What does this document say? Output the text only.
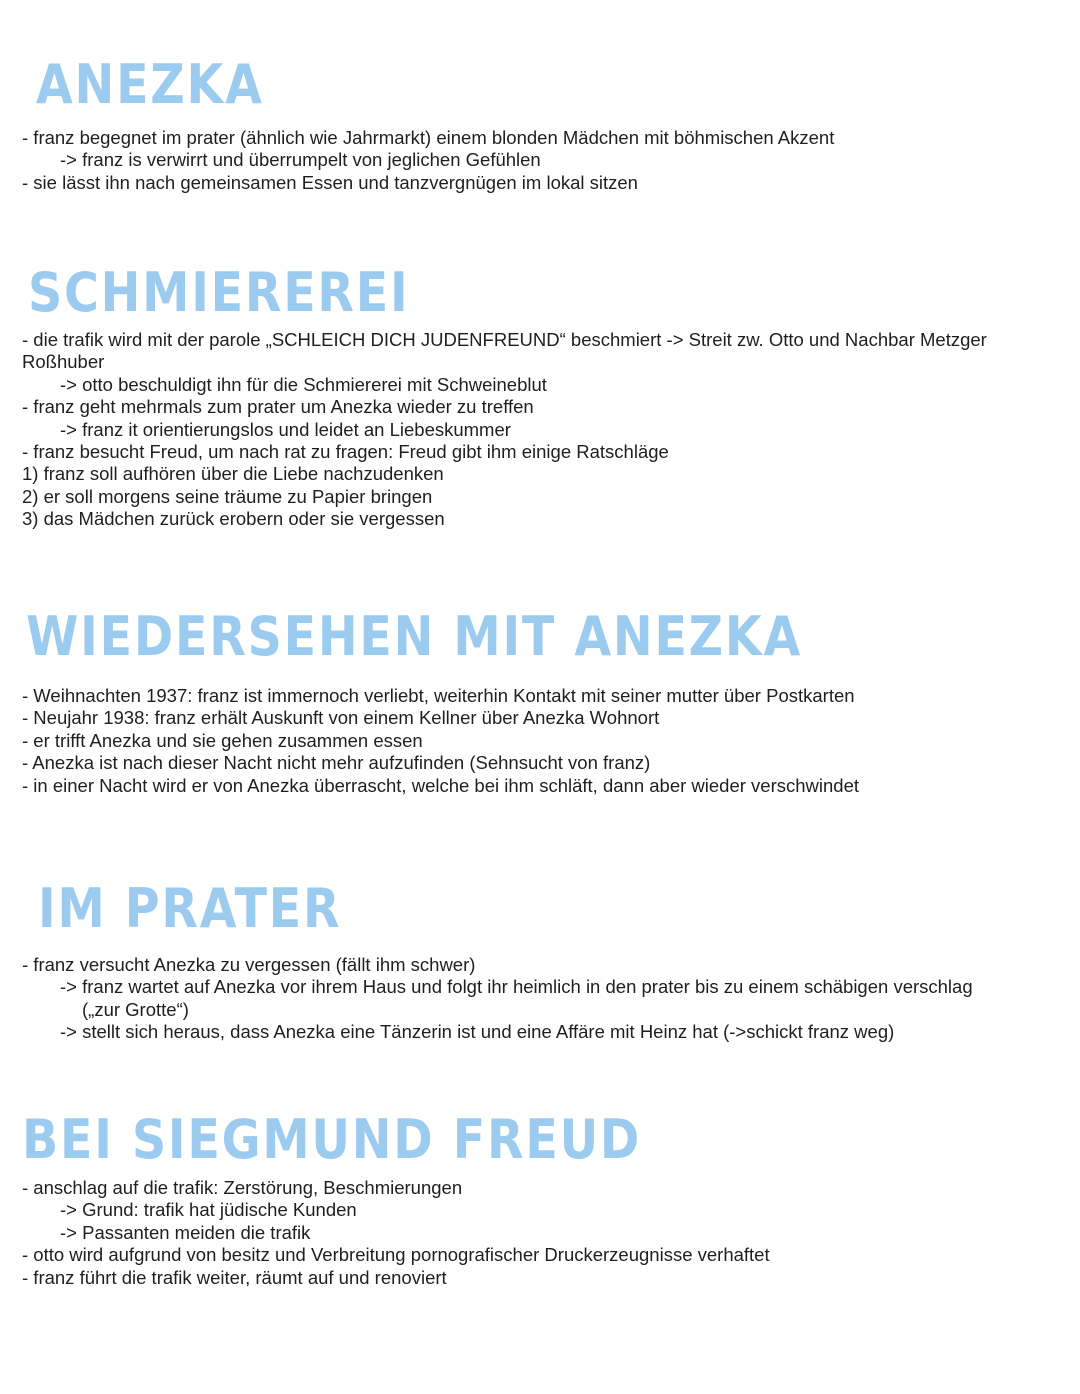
ANEZKA
- franz begegnet im prater (ähnlich wie Jahrmarkt) einem blonden Mädchen mit böhmischen Akzent
-> franz is verwirrt und überrumpelt von jeglichen Gefühlen
- sie lässt ihn nach gemeinsamen Essen und tanzvergnügen im lokal sitzen
SCHMIEREREI
- die trafik wird mit der parole „SCHLEICH DICH JUDENFREUND“ beschmiert -> Streit zw. Otto und Nachbar Metzger Roßhuber
-> otto beschuldigt ihn für die Schmiererei mit Schweineblut
- franz geht mehrmals zum prater um Anezka wieder zu treffen
-> franz it orientierungslos und leidet an Liebeskummer
- franz besucht Freud, um nach rat zu fragen: Freud gibt ihm einige Ratschläge
1) franz soll aufhören über die Liebe nachzudenken
2) er soll morgens seine träume zu Papier bringen
3) das Mädchen zurück erobern oder sie vergessen
WIEDERSEHEN MIT ANEZKA
- Weihnachten 1937: franz ist immernoch verliebt, weiterhin Kontakt mit seiner mutter über Postkarten
- Neujahr 1938: franz erhält Auskunft von einem Kellner über Anezka Wohnort
- er trifft Anezka und sie gehen zusammen essen
- Anezka ist nach dieser Nacht nicht mehr aufzufinden (Sehnsucht von franz)
- in einer Nacht wird er von Anezka überrascht, welche bei ihm schläft, dann aber wieder verschwindet
IM PRATER
- franz versucht Anezka zu vergessen (fällt ihm schwer)
-> franz wartet auf Anezka vor ihrem Haus und folgt ihr heimlich in den prater bis zu einem schäbigen verschlag
(„zur Grotte“)
-> stellt sich heraus, dass Anezka eine Tänzerin ist und eine Affäre mit Heinz hat (->schickt franz weg)
BEI SIEGMUND FREUD
- anschlag auf die trafik: Zerstörung, Beschmierungen
-> Grund: trafik hat jüdische Kunden
-> Passanten meiden die trafik
- otto wird aufgrund von besitz und Verbreitung pornografischer Druckerzeugnisse verhaftet
- franz führt die trafik weiter, räumt auf und renoviert
